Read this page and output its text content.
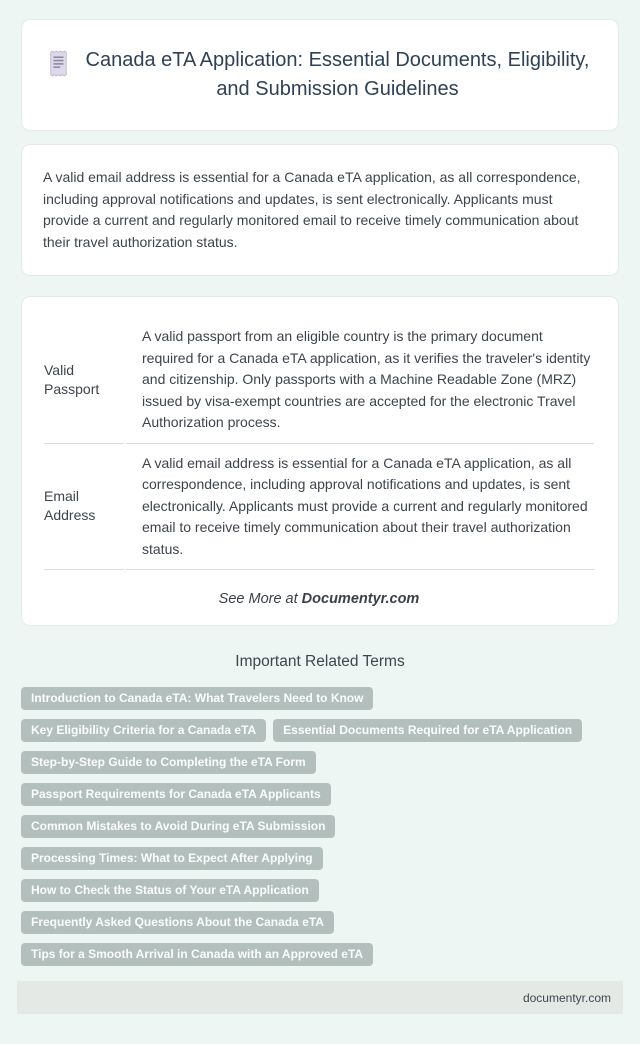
Canada eTA Application: Essential Documents, Eligibility, and Submission Guidelines

A valid email address is essential for a Canada eTA application, as all correspondence, including approval notifications and updates, is sent electronically. Applicants must provide a current and regularly monitored email to receive timely communication about their travel authorization status.

Valid Passport	A valid passport from an eligible country is the primary document required for a Canada eTA application, as it verifies the traveler's identity and citizenship. Only passports with a Machine Readable Zone (MRZ) issued by visa-exempt countries are accepted for the electronic Travel Authorization process.
Email Address	A valid email address is essential for a Canada eTA application, as all correspondence, including approval notifications and updates, is sent electronically. Applicants must provide a current and regularly monitored email to receive timely communication about their travel authorization status.

See More at Documentyr.com

Important Related Terms
Introduction to Canada eTA: What Travelers Need to Know
Key Eligibility Criteria for a Canada eTA	Essential Documents Required for eTA Application
Step-by-Step Guide to Completing the eTA Form
Passport Requirements for Canada eTA Applicants
Common Mistakes to Avoid During eTA Submission
Processing Times: What to Expect After Applying
How to Check the Status of Your eTA Application
Frequently Asked Questions About the Canada eTA
Tips for a Smooth Arrival in Canada with an Approved eTA
documentyr.com
